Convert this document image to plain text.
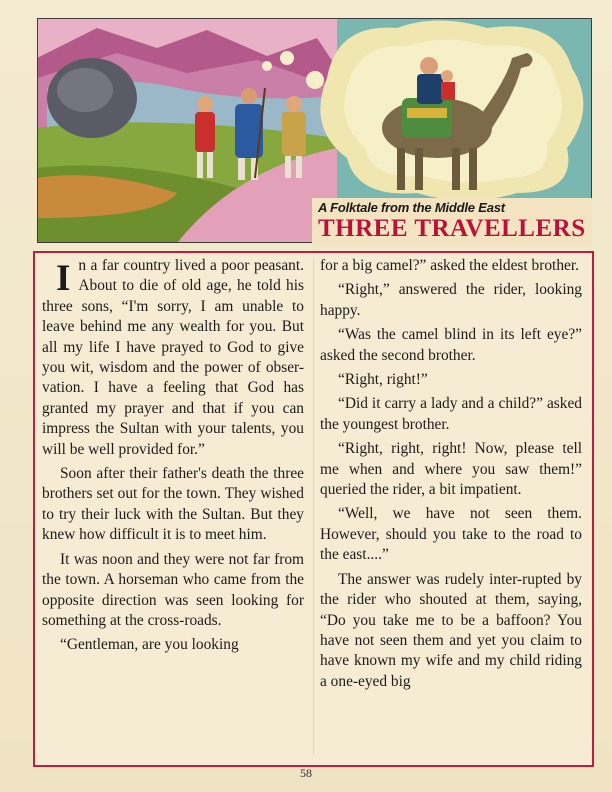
A Folktale from the Middle East
THREE TRAVELLERS

In a far country lived a poor peasant. About to die of old age, he told his three sons, “I'm sorry, I am unable to leave behind me any wealth for you. But all my life I have prayed to God to give you wit, wisdom and the power of obser-vation. I have a feeling that God has granted my prayer and that if you can impress the Sultan with your talents, you will be well provided for.”

Soon after their father's death the three brothers set out for the town. They wished to try their luck with the Sultan. But they knew how difficult it is to meet him.

It was noon and they were not far from the town. A horseman who came from the opposite direction was seen looking for something at the cross-roads.

“Gentleman, are you looking

for a big camel?” asked the eldest brother.

“Right,” answered the rider, looking happy.

“Was the camel blind in its left eye?” asked the second brother.

“Right, right!”

“Did it carry a lady and a child?” asked the youngest brother.

“Right, right, right! Now, please tell me when and where you saw them!” queried the rider, a bit impatient.

“Well, we have not seen them. However, should you take to the road to the east....”

The answer was rudely inter-rupted by the rider who shouted at them, saying, “Do you take me to be a baffoon? You have not seen them and yet you claim to have known my wife and my child riding a one-eyed big

58
